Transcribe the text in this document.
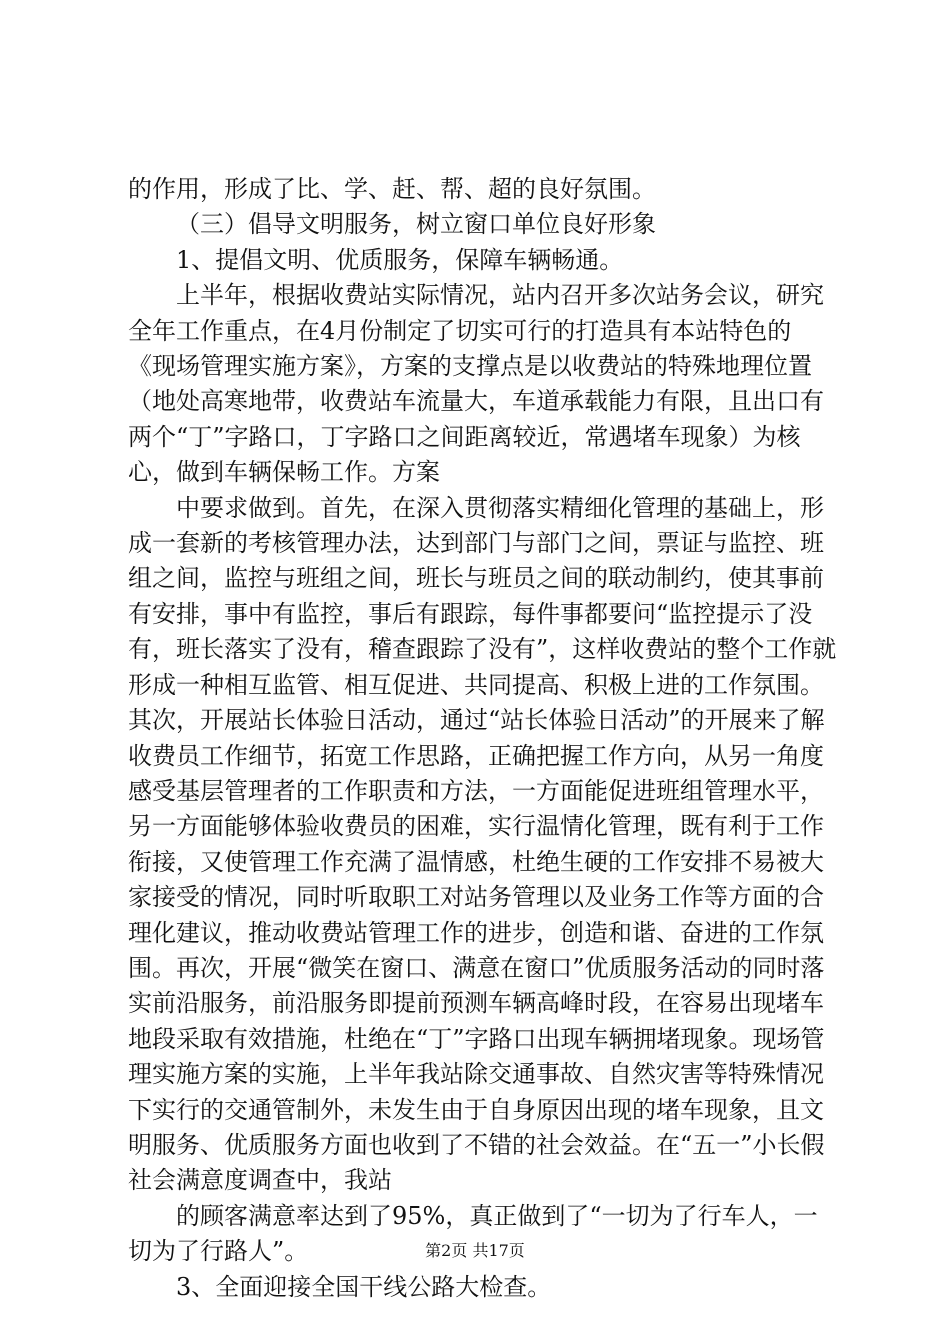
的作用，形成了比、学、赶、帮、超的良好氛围。

（三）倡导文明服务，树立窗口单位良好形象

1、提倡文明、优质服务，保障车辆畅通。

上半年，根据收费站实际情况，站内召开多次站务会议，研究全年工作重点，在4月份制定了切实可行的打造具有本站特色的《现场管理实施方案》，方案的支撑点是以收费站的特殊地理位置（地处高寒地带，收费站车流量大，车道承载能力有限，且出口有两个“丁”字路口，丁字路口之间距离较近，常遇堵车现象）为核心，做到车辆保畅工作。方案

中要求做到。首先，在深入贯彻落实精细化管理的基础上，形成一套新的考核管理办法，达到部门与部门之间，票证与监控、班组之间，监控与班组之间，班长与班员之间的联动制约，使其事前有安排，事中有监控，事后有跟踪，每件事都要问“监控提示了没有，班长落实了没有，稽查跟踪了没有”，这样收费站的整个工作就形成一种相互监管、相互促进、共同提高、积极上进的工作氛围。其次，开展站长体验日活动，通过“站长体验日活动”的开展来了解收费员工作细节，拓宽工作思路，正确把握工作方向，从另一角度感受基层管理者的工作职责和方法，一方面能促进班组管理水平，另一方面能够体验收费员的困难，实行温情化管理，既有利于工作衔接，又使管理工作充满了温情感，杜绝生硬的工作安排不易被大家接受的情况，同时听取职工对站务管理以及业务工作等方面的合理化建议，推动收费站管理工作的进步，创造和谐、奋进的工作氛围。再次，开展“微笑在窗口、满意在窗口”优质服务活动的同时落实前沿服务，前沿服务即提前预测车辆高峰时段，在容易出现堵车地段采取有效措施，杜绝在“丁”字路口出现车辆拥堵现象。现场管理实施方案的实施，上半年我站除交通事故、自然灾害等特殊情况下实行的交通管制外，未发生由于自身原因出现的堵车现象，且文明服务、优质服务方面也收到了不错的社会效益。在“五一”小长假社会满意度调查中，我站

的顾客满意率达到了95%，真正做到了“一切为了行车人，一切为了行路人”。

3、全面迎接全国干线公路大检查。

第2页 共17页
